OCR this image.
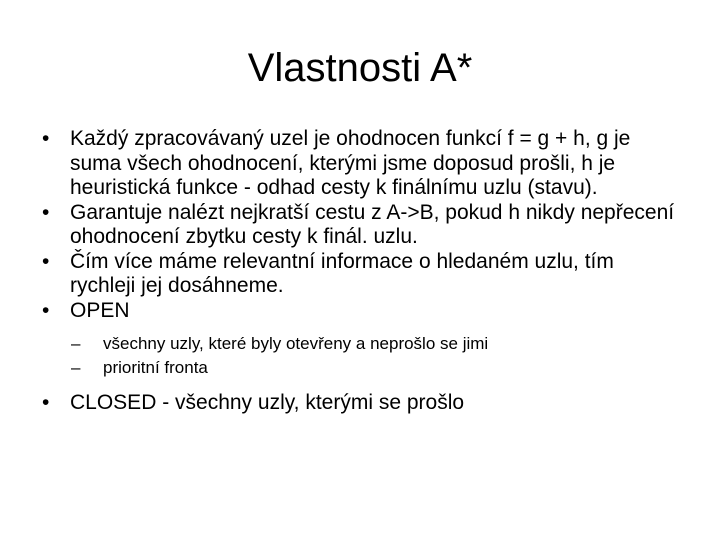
Vlastnosti A*
• Každý zpracovávaný uzel je ohodnocen funkcí f = g + h, g je suma všech ohodnocení, kterými jsme doposud prošli, h je heuristická funkce - odhad cesty k finálnímu uzlu (stavu).
• Garantuje nalézt nejkratší cestu z A->B, pokud h nikdy nepřecení ohodnocení zbytku cesty k finál. uzlu.
• Čím více máme relevantní informace o hledaném uzlu, tím rychleji jej dosáhneme.
• OPEN
– všechny uzly, které byly otevřeny a neprošlo se jimi
– prioritní fronta
• CLOSED - všechny uzly, kterými se prošlo
